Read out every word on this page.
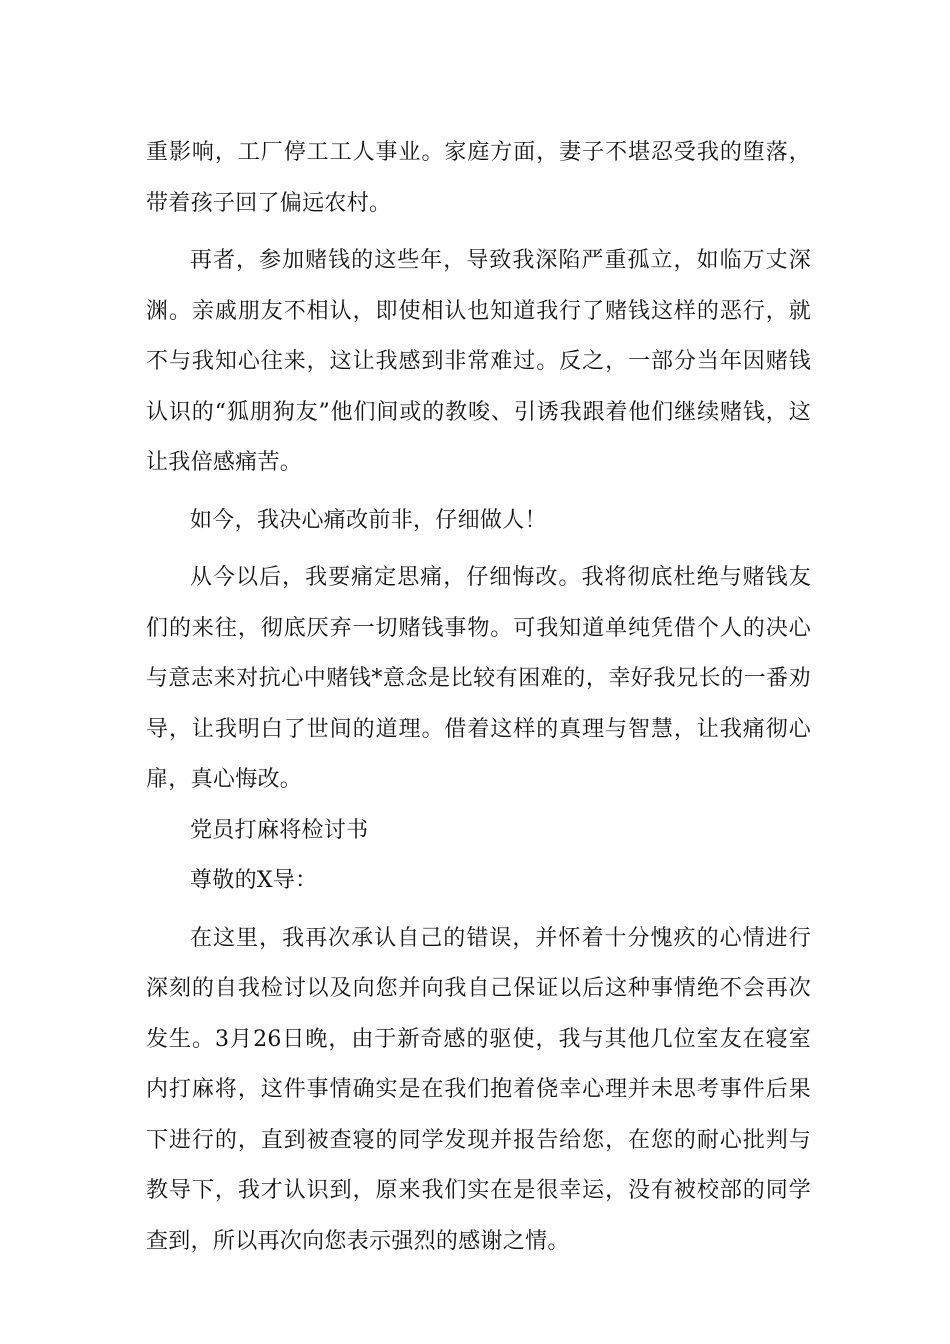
重影响，工厂停工工人事业。家庭方面，妻子不堪忍受我的堕落，带着孩子回了偏远农村。

再者，参加赌钱的这些年，导致我深陷严重孤立，如临万丈深渊。亲戚朋友不相认，即使相认也知道我行了赌钱这样的恶行，就不与我知心往来，这让我感到非常难过。反之，一部分当年因赌钱认识的“狐朋狗友”他们间或的教唆、引诱我跟着他们继续赌钱，这让我倍感痛苦。

如今，我决心痛改前非，仔细做人！

从今以后，我要痛定思痛，仔细悔改。我将彻底杜绝与赌钱友们的来往，彻底厌弃一切赌钱事物。可我知道单纯凭借个人的决心与意志来对抗心中赌钱*意念是比较有困难的，幸好我兄长的一番劝导，让我明白了世间的道理。借着这样的真理与智慧，让我痛彻心扉，真心悔改。

党员打麻将检讨书

尊敬的X导：

在这里，我再次承认自己的错误，并怀着十分愧疚的心情进行深刻的自我检讨以及向您并向我自己保证以后这种事情绝不会再次发生。3月26日晚，由于新奇感的驱使，我与其他几位室友在寝室内打麻将，这件事情确实是在我们抱着侥幸心理并未思考事件后果下进行的，直到被查寝的同学发现并报告给您，在您的耐心批判与教导下，我才认识到，原来我们实在是很幸运，没有被校部的同学查到，所以再次向您表示强烈的感谢之情。
